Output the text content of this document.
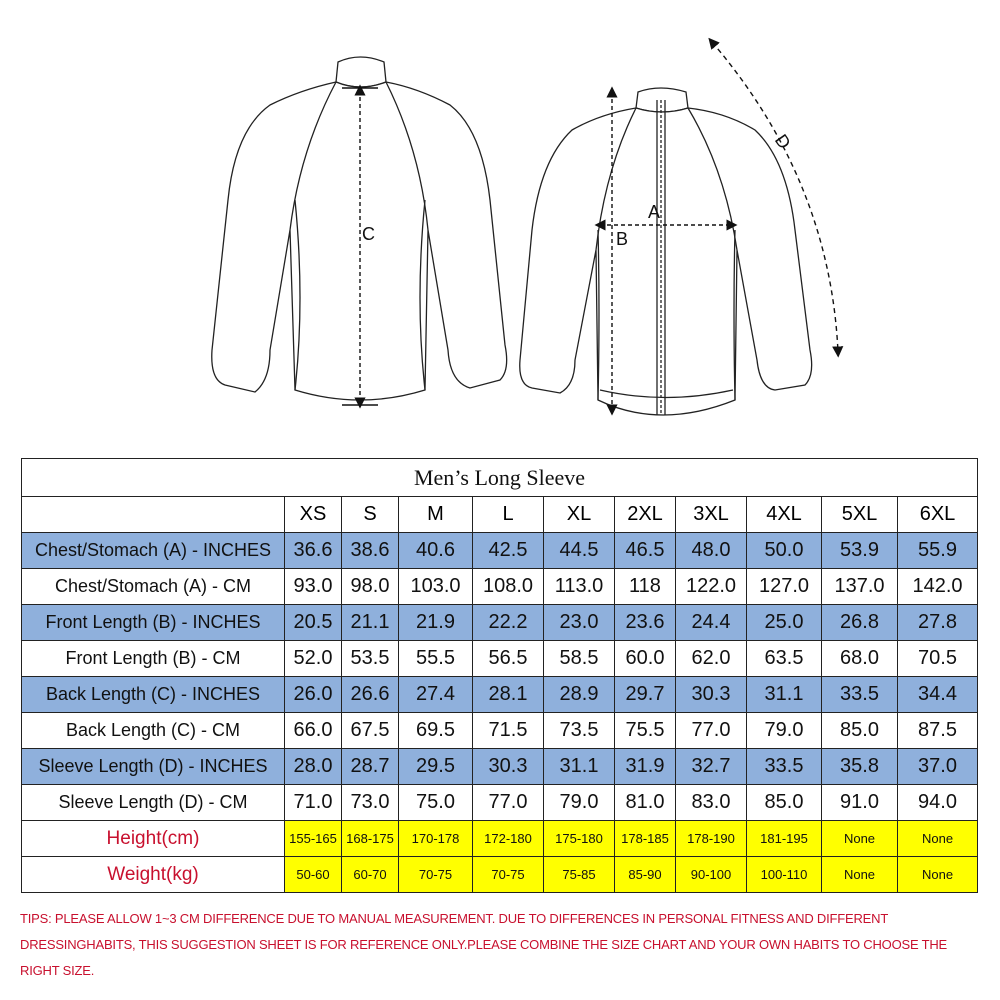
C
A
B
D
Men’s Long Sleeve										
	XS	S	M	L	XL	2XL	3XL	4XL	5XL	6XL
Chest/Stomach (A) - INCHES	36.6	38.6	40.6	42.5	44.5	46.5	48.0	50.0	53.9	55.9
Chest/Stomach (A) - CM	93.0	98.0	103.0	108.0	113.0	118	122.0	127.0	137.0	142.0
Front Length (B) - INCHES	20.5	21.1	21.9	22.2	23.0	23.6	24.4	25.0	26.8	27.8
Front Length (B) - CM	52.0	53.5	55.5	56.5	58.5	60.0	62.0	63.5	68.0	70.5
Back Length (C) - INCHES	26.0	26.6	27.4	28.1	28.9	29.7	30.3	31.1	33.5	34.4
Back Length (C) - CM	66.0	67.5	69.5	71.5	73.5	75.5	77.0	79.0	85.0	87.5
Sleeve Length (D) - INCHES	28.0	28.7	29.5	30.3	31.1	31.9	32.7	33.5	35.8	37.0
Sleeve Length (D) - CM	71.0	73.0	75.0	77.0	79.0	81.0	83.0	85.0	91.0	94.0
Height(cm)	155-165	168-175	170-178	172-180	175-180	178-185	178-190	181-195	None	None
Weight(kg)	50-60	60-70	70-75	70-75	75-85	85-90	90-100	100-110	None	None

TIPS: PLEASE ALLOW 1~3 CM DIFFERENCE DUE TO MANUAL MEASUREMENT. DUE TO DIFFERENCES IN PERSONAL FITNESS AND DIFFERENT DRESSINGHABITS, THIS SUGGESTION SHEET IS FOR REFERENCE ONLY.PLEASE COMBINE THE SIZE CHART AND YOUR OWN HABITS TO CHOOSE THE RIGHT SIZE.
